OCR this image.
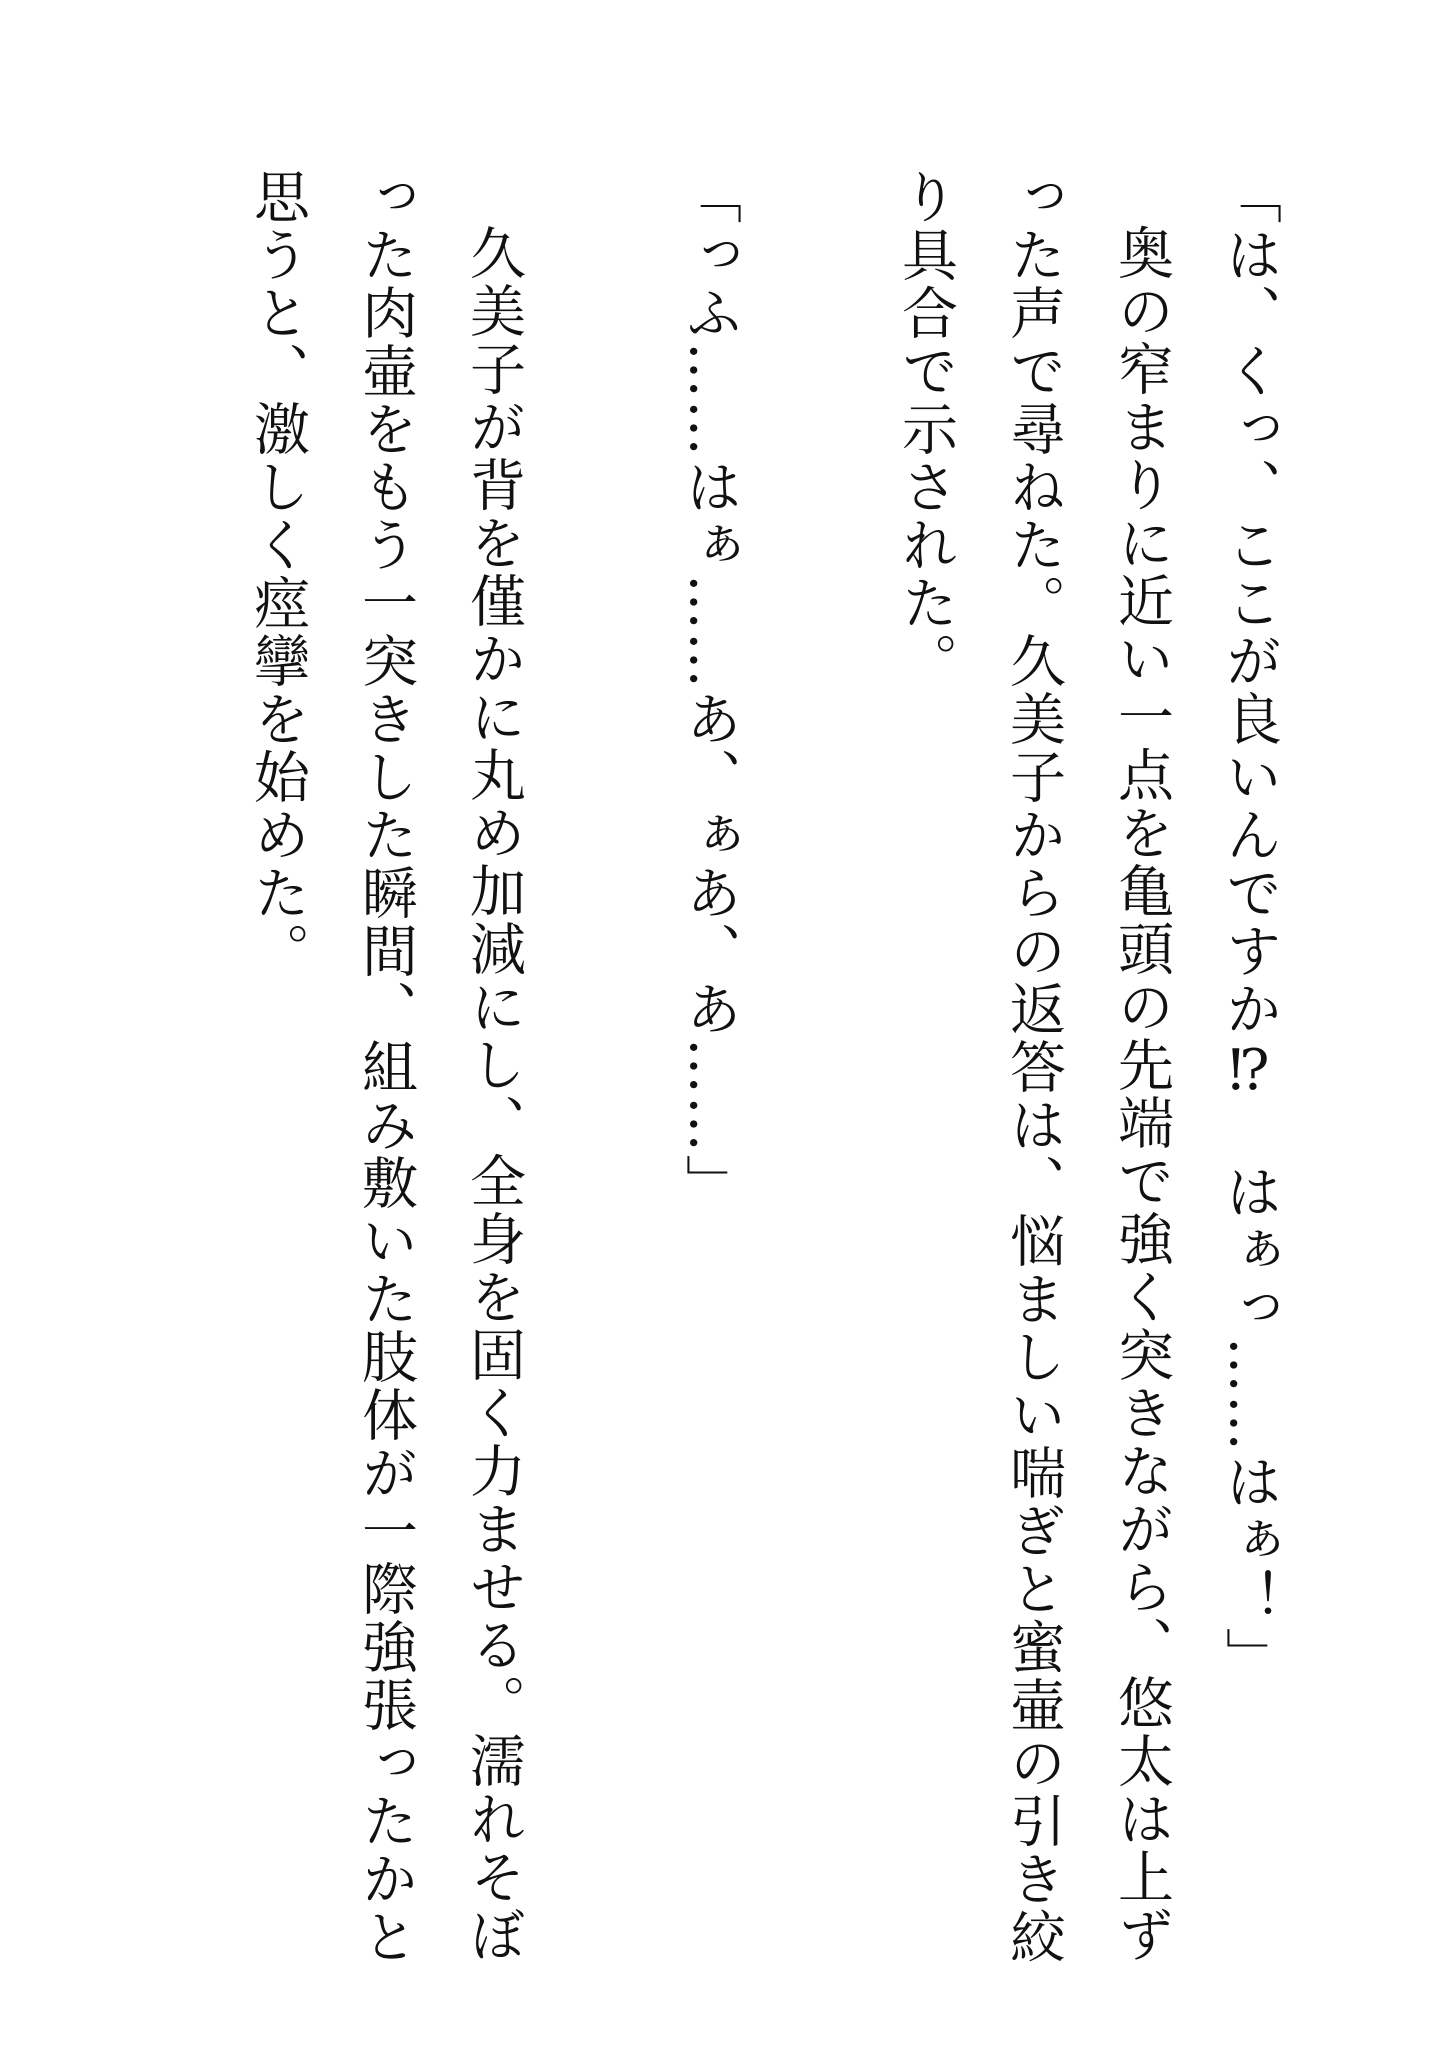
「は、くっ、ここが良いんですか⁉　はぁっ……はぁ！」

奥の窄まりに近い一点を亀頭の先端で強く突きながら、悠太は上ずった声で尋ねた。久美子からの返答は、悩ましい喘ぎと蜜壷の引き絞り具合で示された。

「っふ……はぁ……あ、ぁあ、あ……」

久美子が背を僅かに丸め加減にし、全身を固く力ませる。濡れそぼった肉壷をもう一突きした瞬間、組み敷いた肢体が一際強張ったかと思うと、激しく痙攣を始めた。
